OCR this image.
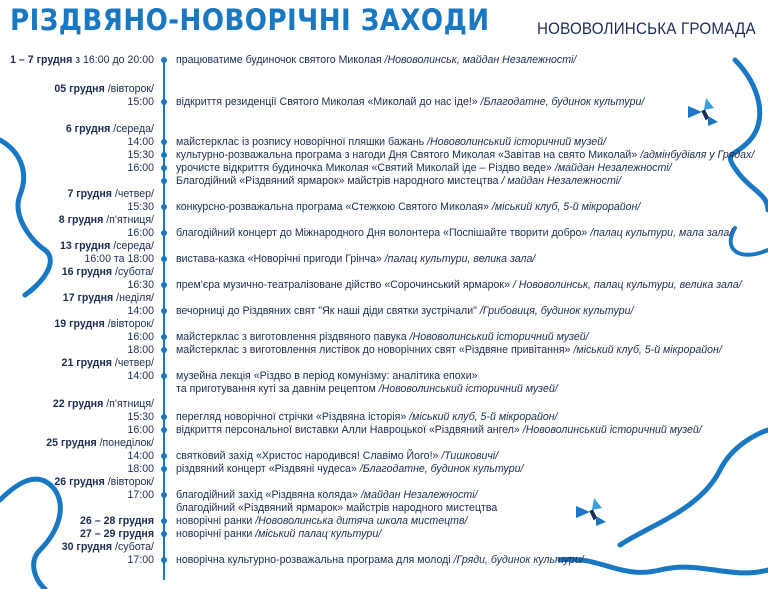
РІЗДВЯНО-НОВОРІЧНІ ЗАХОДИ	НОВОВОЛИНСЬКА ГРОМАДА
1 – 7 грудня з 16:00 до 20:00 працюватиме будиночок святого Миколая /Нововолинськ, майдан Незалежності/
05 грудня /вівторок/
15:00 відкриття резиденції Святого Миколая «Миколай до нас іде!» /Благодатне, будинок культури/
6 грудня /середа/
14:00 майстерклас із розпису новорічної пляшки бажань /Нововолинський історичний музей/
15:30 культурно-розважальна програма з нагоди Дня Святого Миколая «Завітав на свято Миколай» /адмінбудівля у Грядах/
16:00 урочисте відкриття будиночка Миколая «Святий Миколай іде – Різдво веде» /майдан Незалежності/
Благодійний «Різдвяний ярмарок» майстрів народного мистецтва / майдан Незалежності/
7 грудня /четвер/
15:30 конкурсно-розважальна програма «Стежкою Святого Миколая» /міський клуб, 5-й мікрорайон/
8 грудня /п'ятниця/
16:00 благодійний концерт до Міжнародного Дня волонтера «Поспішайте творити добро» /палац культури, мала зала/
13 грудня /середа/
16:00 та 18:00 вистава-казка «Новорічні пригоди Грінча» /палац культури, велика зала/
16 грудня /субота/
16:30 прем'єра музично-театралізоване дійство «Сорочинський ярмарок» / Нововолинськ, палац культури, велика зала/
17 грудня /неділя/
14:00 вечорниці до Різдвяних свят "Як наші діди святки зустрічали" /Грибовиця, будинок культури/
19 грудня /вівторок/
16:00 майстерклас з виготовлення різдвяного павука /Нововолинський історичний музей/
18:00 майстерклас з виготовлення листівок до новорічних свят «Різдвяне привітання» /міський клуб, 5-й мікрорайон/
21 грудня /четвер/
14:00 музейна лекція «Різдво в період комунізму: аналітика епохи»
та приготування куті за давнім рецептом /Нововолинський історичний музей/
22 грудня /п'ятниця/
15:30 перегляд новорічної стрічки «Різдвяна історія» /міський клуб, 5-й мікрорайон/
16:00 відкриття персональної виставки Алли Навроцької «Різдвяний ангел» /Нововолинський історичний музей/
25 грудня /понеділок/
14:00 святковий захід «Христос народився! Славімо Його!» /Тишковичі/
18:00 різдвяний концерт «Різдвяні чудеса» /Благодатне, будинок культури/
26 грудня /вівторок/
17:00 благодійний захід «Різдвяна коляда» /майдан Незалежності/
благодійний «Різдвяний ярмарок» майстрів народного мистецтва
26 – 28 грудня новорічні ранки /Нововолинська дитяча школа мистецтв/
27 – 29 грудня новорічні ранки /міський палац культури/
30 грудня /субота/
17:00 новорічна культурно-розважальна програма для молоді /Гряди, будинок культури/
